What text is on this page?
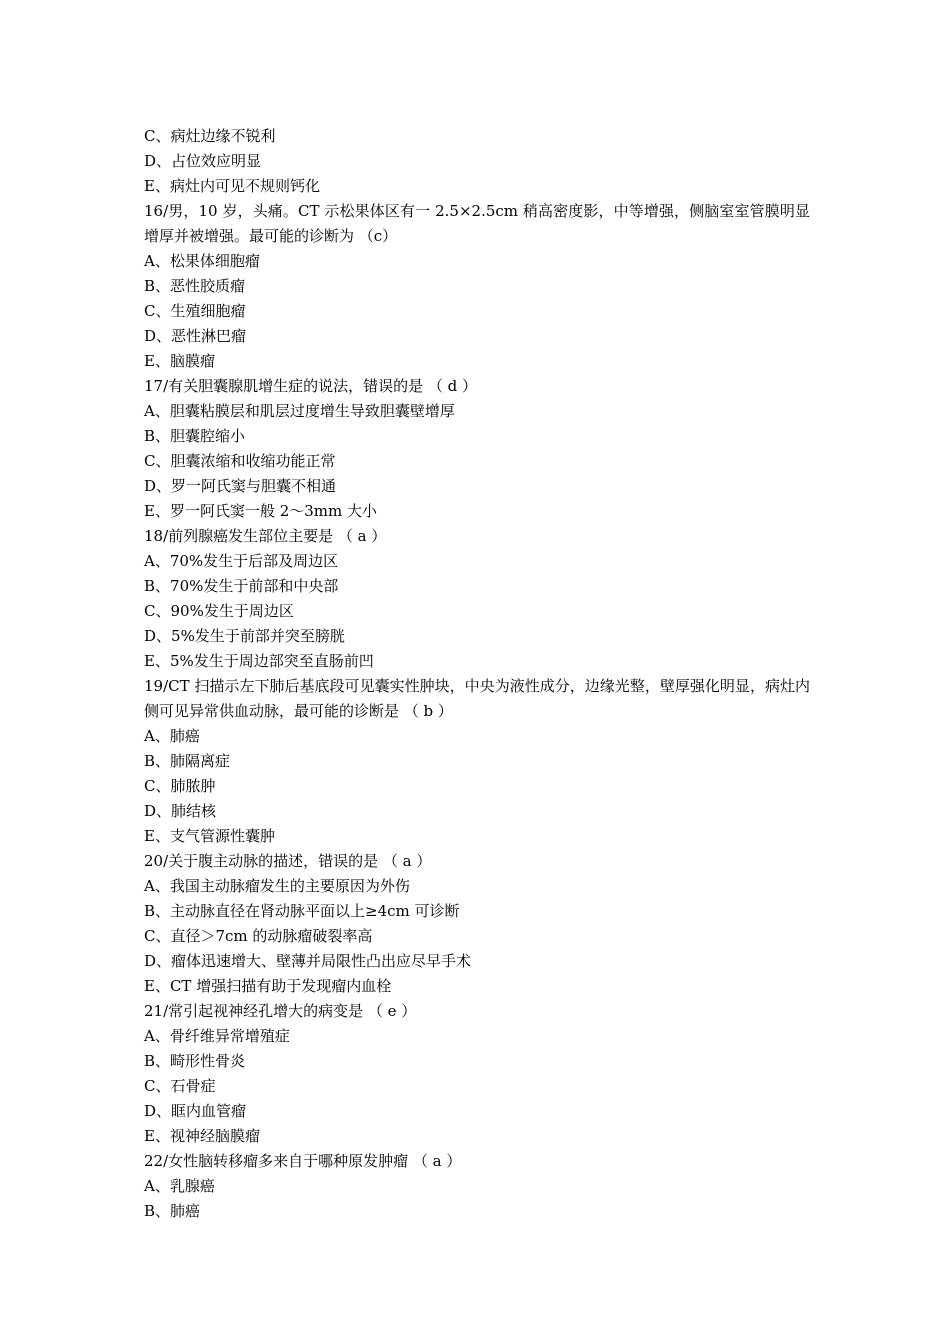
C、病灶边缘不锐利

D、占位效应明显

E、病灶内可见不规则钙化

16/男，10 岁，头痛。CT 示松果体区有一 2.5×2.5cm 稍高密度影，中等增强，侧脑室室管膜明显增厚并被增强。最可能的诊断为 （c）

A、松果体细胞瘤

B、恶性胶质瘤

C、生殖细胞瘤

D、恶性淋巴瘤

E、脑膜瘤

17/有关胆囊腺肌增生症的说法，错误的是 （ d ）

A、胆囊粘膜层和肌层过度增生导致胆囊壁增厚

B、胆囊腔缩小

C、胆囊浓缩和收缩功能正常

D、罗一阿氏窦与胆囊不相通

E、罗一阿氏窦一般 2～3mm 大小

18/前列腺癌发生部位主要是 （ a ）

A、70%发生于后部及周边区

B、70%发生于前部和中央部

C、90%发生于周边区

D、5%发生于前部并突至膀胱

E、5%发生于周边部突至直肠前凹

19/CT 扫描示左下肺后基底段可见囊实性肿块，中央为液性成分，边缘光整，壁厚强化明显，病灶内侧可见异常供血动脉，最可能的诊断是 （ b ）

A、肺癌

B、肺隔离症

C、肺脓肿

D、肺结核

E、支气管源性囊肿

20/关于腹主动脉的描述，错误的是 （ a ）

A、我国主动脉瘤发生的主要原因为外伤

B、主动脉直径在肾动脉平面以上≥4cm 可诊断

C、直径＞7cm 的动脉瘤破裂率高

D、瘤体迅速增大、壁薄并局限性凸出应尽早手术

E、CT 增强扫描有助于发现瘤内血栓

21/常引起视神经孔增大的病变是 （ e ）

A、骨纤维异常增殖症

B、畸形性骨炎

C、石骨症

D、眶内血管瘤

E、视神经脑膜瘤

22/女性脑转移瘤多来自于哪种原发肿瘤 （ a ）

A、乳腺癌

B、肺癌
